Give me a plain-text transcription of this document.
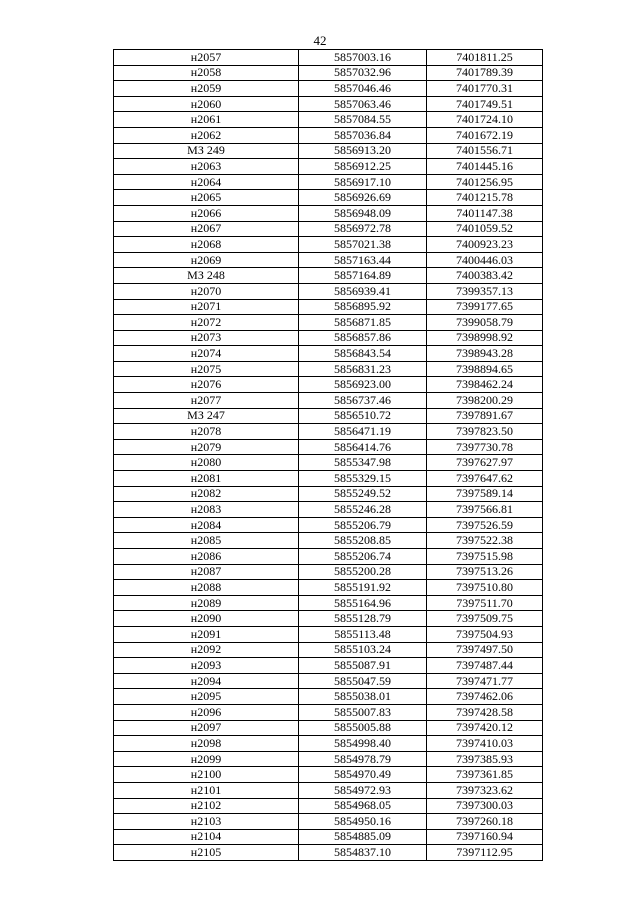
42
н2057	5857003.16	7401811.25
н2058	5857032.96	7401789.39
н2059	5857046.46	7401770.31
н2060	5857063.46	7401749.51
н2061	5857084.55	7401724.10
н2062	5857036.84	7401672.19
МЗ 249	5856913.20	7401556.71
н2063	5856912.25	7401445.16
н2064	5856917.10	7401256.95
н2065	5856926.69	7401215.78
н2066	5856948.09	7401147.38
н2067	5856972.78	7401059.52
н2068	5857021.38	7400923.23
н2069	5857163.44	7400446.03
МЗ 248	5857164.89	7400383.42
н2070	5856939.41	7399357.13
н2071	5856895.92	7399177.65
н2072	5856871.85	7399058.79
н2073	5856857.86	7398998.92
н2074	5856843.54	7398943.28
н2075	5856831.23	7398894.65
н2076	5856923.00	7398462.24
н2077	5856737.46	7398200.29
МЗ 247	5856510.72	7397891.67
н2078	5856471.19	7397823.50
н2079	5856414.76	7397730.78
н2080	5855347.98	7397627.97
н2081	5855329.15	7397647.62
н2082	5855249.52	7397589.14
н2083	5855246.28	7397566.81
н2084	5855206.79	7397526.59
н2085	5855208.85	7397522.38
н2086	5855206.74	7397515.98
н2087	5855200.28	7397513.26
н2088	5855191.92	7397510.80
н2089	5855164.96	7397511.70
н2090	5855128.79	7397509.75
н2091	5855113.48	7397504.93
н2092	5855103.24	7397497.50
н2093	5855087.91	7397487.44
н2094	5855047.59	7397471.77
н2095	5855038.01	7397462.06
н2096	5855007.83	7397428.58
н2097	5855005.88	7397420.12
н2098	5854998.40	7397410.03
н2099	5854978.79	7397385.93
н2100	5854970.49	7397361.85
н2101	5854972.93	7397323.62
н2102	5854968.05	7397300.03
н2103	5854950.16	7397260.18
н2104	5854885.09	7397160.94
н2105	5854837.10	7397112.95
